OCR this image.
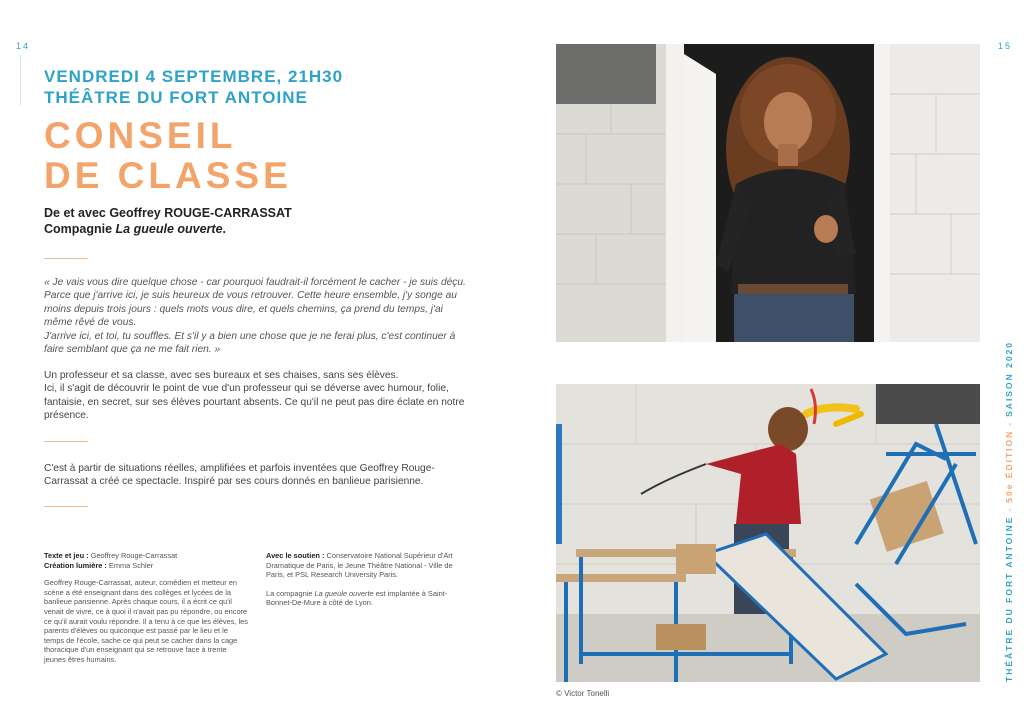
14
VENDREDI 4 SEPTEMBRE, 21H30
THÉÂTRE DU FORT ANTOINE
CONSEIL
DE CLASSE
De et avec Geoffrey ROUGE-CARRASSAT
Compagnie La gueule ouverte.

« Je vais vous dire quelque chose - car pourquoi faudrait-il forcément le cacher - je suis déçu. Parce que j'arrive ici, je suis heureux de vous retrouver. Cette heure ensemble, j'y songe au moins depuis trois jours : quels mots vous dire, et quels chemins, ça prend du temps, j'ai même rêvé de vous.

J'arrive ici, et toi, tu souffles. Et s'il y a bien une chose que je ne ferai plus, c'est continuer à faire semblant que ça ne me fait rien. »

Un professeur et sa classe, avec ses bureaux et ses chaises, sans ses élèves.

Ici, il s'agit de découvrir le point de vue d'un professeur qui se déverse avec humour, folie, fantaisie, en secret, sur ses élèves pourtant absents. Ce qu'il ne peut pas dire éclate en notre présence.

C'est à partir de situations réelles, amplifiées et parfois inventées que Geoffrey Rouge-Carrassat a créé ce spectacle. Inspiré par ses cours donnés en banlieue parisienne.

Texte et jeu : Geoffrey Rouge-Carrassat
Création lumière : Emma Schler

Geoffrey Rouge-Carrassat, auteur, comédien et metteur en scène a été enseignant dans des collèges et lycées de la banlieue parisienne. Après chaque cours, il a écrit ce qu'il venait de vivre, ce à quoi il n'avait pas pu répondre, ou encore ce qu'il aurait voulu répondre. Il a tenu à ce que les élèves, les parents d'élèves ou quiconque est passé par le lieu et le temps de l'école, sache ce qui peut se cacher dans la cage thoracique d'un enseignant qui se retrouve face à trente jeunes êtres humains.

Avec le soutien : Conservatoire National Supérieur d'Art Dramatique de Paris, le Jeune Théâtre National - Ville de Paris, et PSL Research University Paris.

La compagnie La gueule ouverte est implantée à Saint-Bonnet-De-Mure à côté de Lyon.

15
© Victor Tonelli
THÉÂTRE DU FORT ANTOINE-50e ÉDITION-SAISON 2020
